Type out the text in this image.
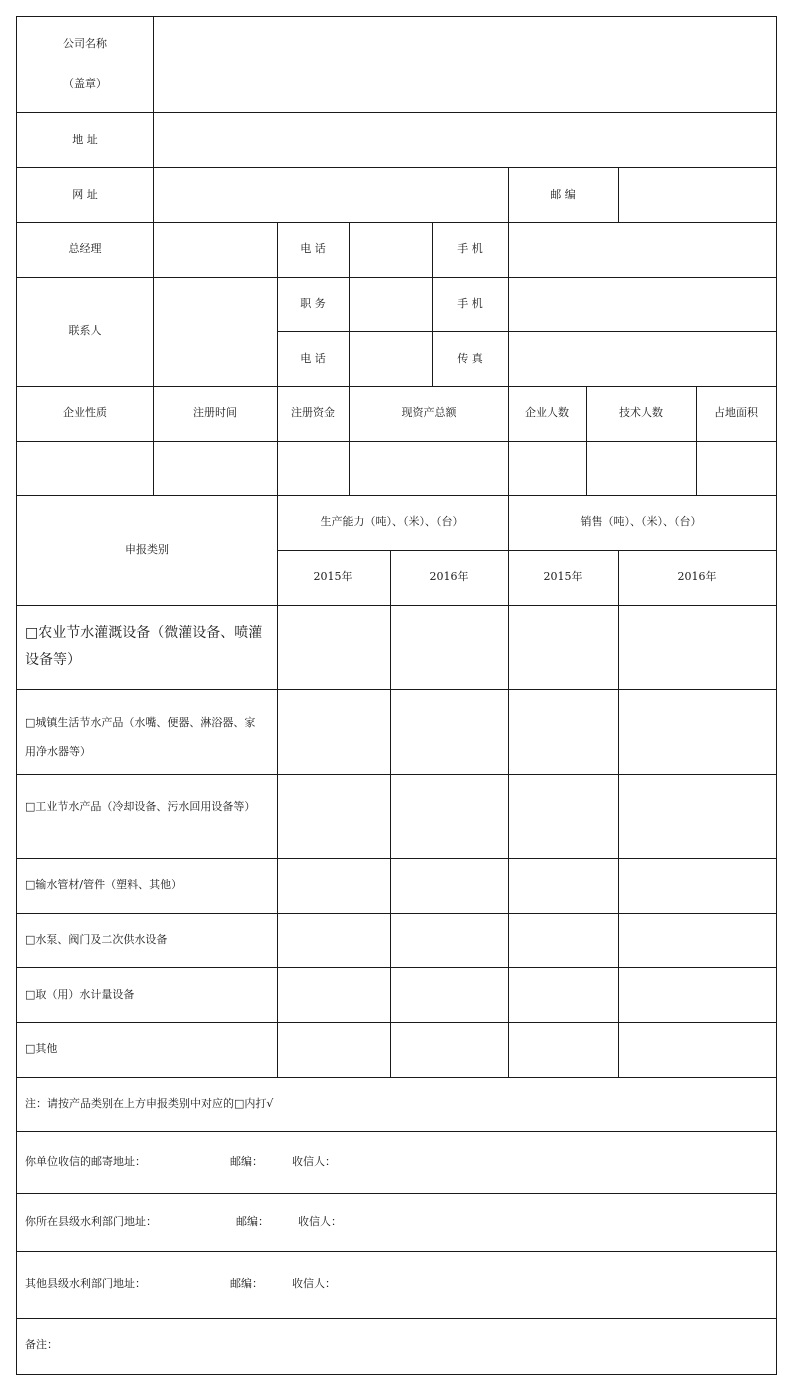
公司名称
（盖章）
地 址
网 址	邮 编
总经理	电 话	手 机
联系人
职 务	手 机
电 话	传 真
企业性质	注册时间	注册资金	现资产总额	企业人数	技术人数	占地面积
申报类别
生产能力（吨）、（米）、（台）	销售（吨）、（米）、（台）
2015年	2016年	2015年	2016年
□农业节水灌溉设备（微灌设备、喷灌设备等）
□城镇生活节水产品（水嘴、便器、淋浴器、家用净水器等）
□工业节水产品（冷却设备、污水回用设备等）
□输水管材/管件（塑料、其他）
□水泵、阀门及二次供水设备
□取（用）水计量设备
□其他
注：请按产品类别在上方申报类别中对应的□内打√
你单位收信的邮寄地址：	邮编：	收信人：
你所在县级水利部门地址：	邮编：	收信人：
其他县级水利部门地址：	邮编：	收信人：
备注：
